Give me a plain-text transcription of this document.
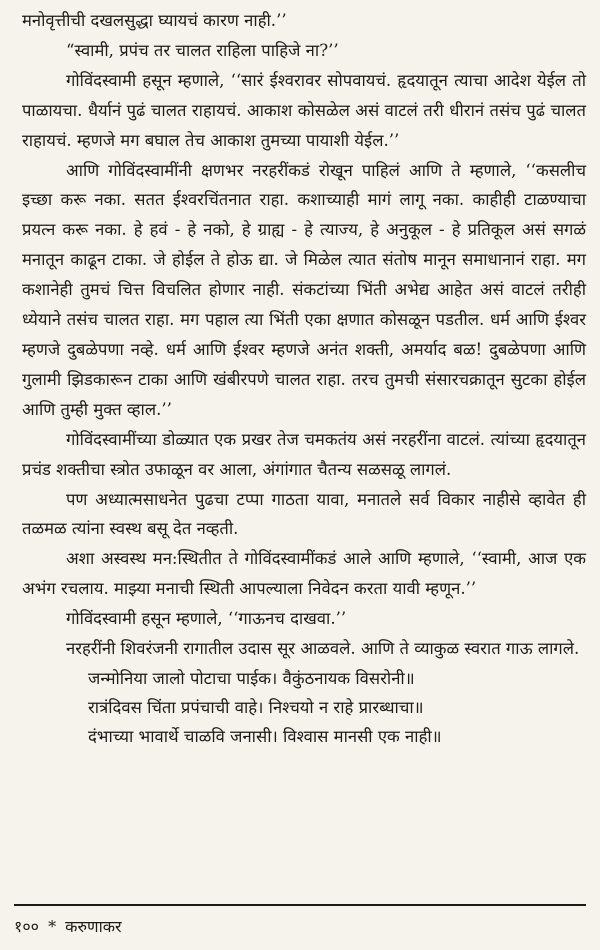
मनोवृत्तीची दखलसुद्धा घ्यायचं कारण नाही.’’

“स्वामी, प्रपंच तर चालत राहिला पाहिजे ना?’’

गोविंदस्वामी हसून म्हणाले, ‘‘सारं ईश्वरावर सोपवायचं. हृदयातून त्याचा आदेश येईल तो पाळायचा. धैर्यानं पुढं चालत राहायचं. आकाश कोसळेल असं वाटलं तरी धीरानं तसंच पुढं चालत राहायचं. म्हणजे मग बघाल तेच आकाश तुमच्या पायाशी येईल.’’

आणि गोविंदस्वामींनी क्षणभर नरहरींकडं रोखून पाहिलं आणि ते म्हणाले, ‘‘कसलीच इच्छा करू नका. सतत ईश्वरचिंतनात राहा. कशाच्याही मागं लागू नका. काहीही टाळण्याचा प्रयत्न करू नका. हे हवं - हे नको, हे ग्राह्य - हे त्याज्य, हे अनुकूल - हे प्रतिकूल असं सगळं मनातून काढून टाका. जे होईल ते होऊ द्या. जे मिळेल त्यात संतोष मानून समाधानानं राहा. मग कशानेही तुमचं चित्त विचलित होणार नाही. संकटांच्या भिंती अभेद्य आहेत असं वाटलं तरीही ध्येयाने तसंच चालत राहा. मग पहाल त्या भिंती एका क्षणात कोसळून पडतील. धर्म आणि ईश्वर म्हणजे दुबळेपणा नव्हे. धर्म आणि ईश्वर म्हणजे अनंत शक्ती, अमर्याद बळ! दुबळेपणा आणि गुलामी झिडकारून टाका आणि खंबीरपणे चालत राहा. तरच तुमची संसारचक्रातून सुटका होईल आणि तुम्ही मुक्त व्हाल.’’

गोविंदस्वामींच्या डोळ्यात एक प्रखर तेज चमकतंय असं नरहरींना वाटलं. त्यांच्या हृदयातून प्रचंड शक्तीचा स्त्रोत उफाळून वर आला, अंगांगात चैतन्य सळसळू लागलं.

पण अध्यात्मसाधनेत पुढचा टप्पा गाठता यावा, मनातले सर्व विकार नाहीसे व्हावेत ही तळमळ त्यांना स्वस्थ बसू देत नव्हती.

अशा अस्वस्थ मन:स्थितीत ते गोविंदस्वामींकडं आले आणि म्हणाले, ‘‘स्वामी, आज एक अभंग रचलाय. माझ्या मनाची स्थिती आपल्याला निवेदन करता यावी म्हणून.’’

गोविंदस्वामी हसून म्हणाले, ‘‘गाऊनच दाखवा.’’

नरहरींनी शिवरंजनी रागातील उदास सूर आळवले. आणि ते व्याकुळ स्वरात गाऊ लागले.

जन्मोनिया जालो पोटाचा पाईक। वैकुंठनायक विसरोनी॥
रात्रंदिवस चिंता प्रपंचाची वाहे। निश्चयो न राहे प्रारब्धाचा॥
दंभाच्या भावार्थे चाळवि जनासी। विश्वास मानसी एक नाही॥
१०० * करुणाकर
